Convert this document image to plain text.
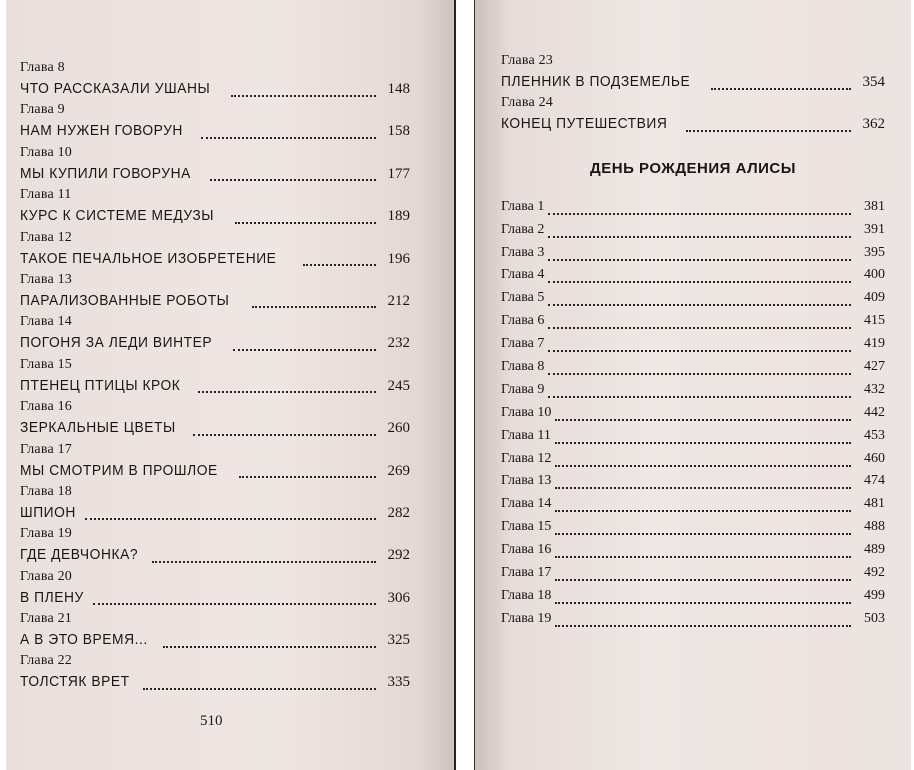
Глава 8
ЧТО РАССКАЗАЛИ УШАНЫ	148
Глава 9
НАМ НУЖЕН ГОВОРУН	158
Глава 10
МЫ КУПИЛИ ГОВОРУНА	177
Глава 11
КУРС К СИСТЕМЕ МЕДУЗЫ	189
Глава 12
ТАКОЕ ПЕЧАЛЬНОЕ ИЗОБРЕТЕНИЕ	196
Глава 13
ПАРАЛИЗОВАННЫЕ РОБОТЫ	212
Глава 14
ПОГОНЯ ЗА ЛЕДИ ВИНТЕР	232
Глава 15
ПТЕНЕЦ ПТИЦЫ КРОК	245
Глава 16
ЗЕРКАЛЬНЫЕ ЦВЕТЫ	260
Глава 17
МЫ СМОТРИМ В ПРОШЛОЕ	269
Глава 18
ШПИОН	282
Глава 19
ГДЕ ДЕВЧОНКА?	292
Глава 20
В ПЛЕНУ	306
Глава 21
А В ЭТО ВРЕМЯ...	325
Глава 22
ТОЛСТЯК ВРЕТ	335
510
Глава 23
ПЛЕННИК В ПОДЗЕМЕЛЬЕ	354
Глава 24
КОНЕЦ ПУТЕШЕСТВИЯ	362
ДЕНЬ РОЖДЕНИЯ АЛИСЫ
Глава 1	381
Глава 2	391
Глава 3	395
Глава 4	400
Глава 5	409
Глава 6	415
Глава 7	419
Глава 8	427
Глава 9	432
Глава 10	442
Глава 11	453
Глава 12	460
Глава 13	474
Глава 14	481
Глава 15	488
Глава 16	489
Глава 17	492
Глава 18	499
Глава 19	503
